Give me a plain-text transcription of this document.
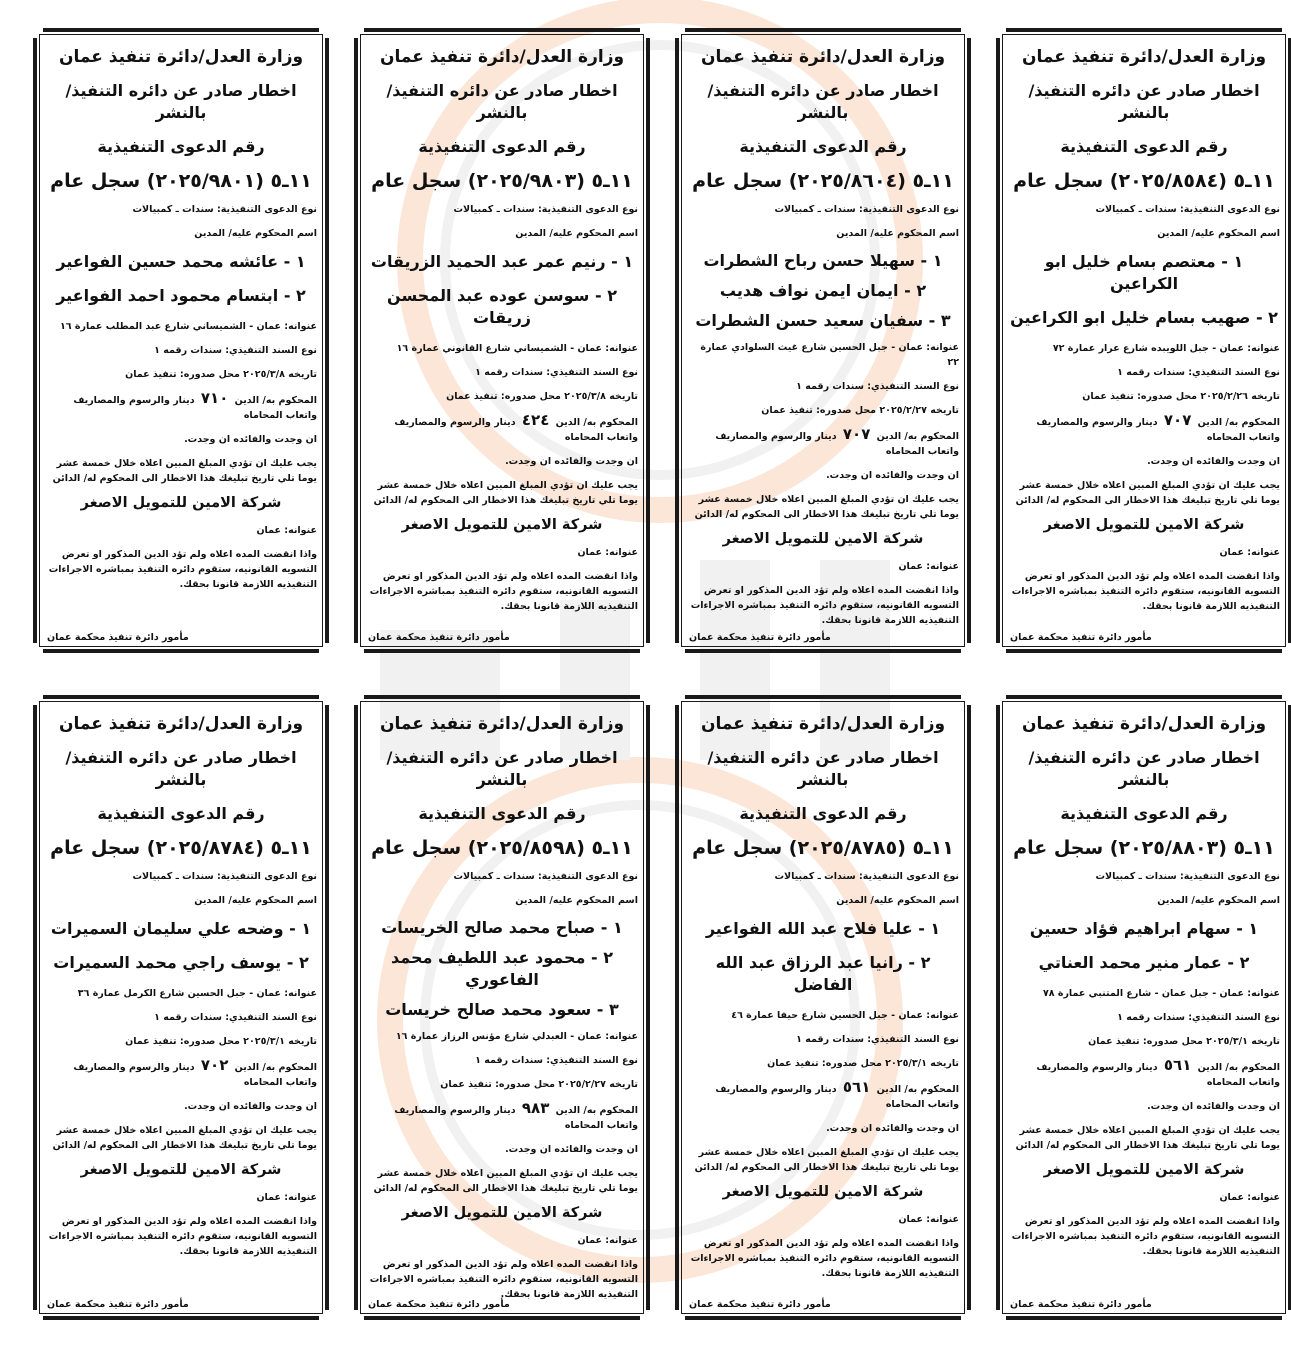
وزارة العدل/دائرة تنفيذ عمان
اخطار صادر عن دائره التنفيذ/ بالنشر
رقم الدعوى التنفيذية
١١ـ٥ (٢٠٢٥/٨٥٨٤) سجل عام
نوع الدعوى التنفيذية: سندات ـ كمبيالات
اسم المحكوم عليه/ المدين
١ - معتصم بسام خليل ابو الكراعين
٢ - صهيب بسام خليل ابو الكراعين
عنوانه: عمان - جبل اللويبده شارع عرار عمارة ٧٢
نوع السند التنفيذي: سندات رقمه ١
تاريخه ٢٠٢٥/٢/٢٦ محل صدوره: تنفيذ عمان
المحكوم به/ الدين ٧٠٧ دينار والرسوم والمصاريف واتعاب المحاماه
ان وجدت والفائده ان وجدت.
يجب عليك ان تؤدي المبلغ المبين اعلاه خلال خمسة عشر يوما تلي تاريخ تبليغك هذا الاخطار الى المحكوم له/ الدائن
شركة الامين للتمويل الاصغر
عنوانه: عمان
واذا انقضت المده اعلاه ولم تؤد الدين المذكور او تعرض التسويه القانونيه، ستقوم دائره التنفيذ بمباشره الاجراءات التنفيذيه اللازمة قانونا بحقك.
مأمور دائرة تنفيذ محكمة عمان
وزارة العدل/دائرة تنفيذ عمان
اخطار صادر عن دائره التنفيذ/ بالنشر
رقم الدعوى التنفيذية
١١ـ٥ (٢٠٢٥/٨٦٠٤) سجل عام
نوع الدعوى التنفيذية: سندات ـ كمبيالات
اسم المحكوم عليه/ المدين
١ - سهيلا حسن رباح الشطرات
٢ - ايمان ايمن نواف هديب
٣ - سفيان سعيد حسن الشطرات
عنوانه: عمان - جبل الحسين شارع غيث السلوادي عمارة ٢٢
نوع السند التنفيذي: سندات رقمه ١
تاريخه ٢٠٢٥/٢/٢٧ محل صدوره: تنفيذ عمان
المحكوم به/ الدين ٧٠٧ دينار والرسوم والمصاريف واتعاب المحاماه
ان وجدت والفائده ان وجدت.
يجب عليك ان تؤدي المبلغ المبين اعلاه خلال خمسة عشر يوما تلي تاريخ تبليغك هذا الاخطار الى المحكوم له/ الدائن
شركة الامين للتمويل الاصغر
عنوانه: عمان
واذا انقضت المده اعلاه ولم تؤد الدين المذكور او تعرض التسويه القانونيه، ستقوم دائره التنفيذ بمباشره الاجراءات التنفيذيه اللازمة قانونا بحقك.
مأمور دائرة تنفيذ محكمة عمان
وزارة العدل/دائرة تنفيذ عمان
اخطار صادر عن دائره التنفيذ/ بالنشر
رقم الدعوى التنفيذية
١١ـ٥ (٢٠٢٥/٩٨٠٣) سجل عام
نوع الدعوى التنفيذية: سندات ـ كمبيالات
اسم المحكوم عليه/ المدين
١ - رنيم عمر عبد الحميد الزريقات
٢ - سوسن عوده عبد المحسن زريقات
عنوانه: عمان - الشميساني شارع القانوني عمارة ١٦
نوع السند التنفيذي: سندات رقمه ١
تاريخه ٢٠٢٥/٣/٨ محل صدوره: تنفيذ عمان
المحكوم به/ الدين ٤٢٤ دينار والرسوم والمصاريف واتعاب المحاماه
ان وجدت والفائده ان وجدت.
يجب عليك ان تؤدي المبلغ المبين اعلاه خلال خمسة عشر يوما تلي تاريخ تبليغك هذا الاخطار الى المحكوم له/ الدائن
شركة الامين للتمويل الاصغر
عنوانه: عمان
واذا انقضت المده اعلاه ولم تؤد الدين المذكور او تعرض التسويه القانونيه، ستقوم دائره التنفيذ بمباشره الاجراءات التنفيذيه اللازمة قانونا بحقك.
مأمور دائرة تنفيذ محكمة عمان
وزارة العدل/دائرة تنفيذ عمان
اخطار صادر عن دائره التنفيذ/ بالنشر
رقم الدعوى التنفيذية
١١ـ٥ (٢٠٢٥/٩٨٠١) سجل عام
نوع الدعوى التنفيذية: سندات ـ كمبيالات
اسم المحكوم عليه/ المدين
١ - عائشه محمد حسين الفواعير
٢ - ابتسام محمود احمد الفواعير
عنوانه: عمان - الشميساني شارع عبد المطلب عمارة ١٦
نوع السند التنفيذي: سندات رقمه ١
تاريخه ٢٠٢٥/٣/٨ محل صدوره: تنفيذ عمان
المحكوم به/ الدين ٧١٠ دينار والرسوم والمصاريف واتعاب المحاماه
ان وجدت والفائده ان وجدت.
يجب عليك ان تؤدي المبلغ المبين اعلاه خلال خمسة عشر يوما تلي تاريخ تبليغك هذا الاخطار الى المحكوم له/ الدائن
شركة الامين للتمويل الاصغر
عنوانه: عمان
واذا انقضت المده اعلاه ولم تؤد الدين المذكور او تعرض التسويه القانونيه، ستقوم دائره التنفيذ بمباشره الاجراءات التنفيذيه اللازمة قانونا بحقك.
مأمور دائرة تنفيذ محكمة عمان
وزارة العدل/دائرة تنفيذ عمان
اخطار صادر عن دائره التنفيذ/ بالنشر
رقم الدعوى التنفيذية
١١ـ٥ (٢٠٢٥/٨٨٠٣) سجل عام
نوع الدعوى التنفيذية: سندات ـ كمبيالات
اسم المحكوم عليه/ المدين
١ - سهام ابراهيم فؤاد حسين
٢ - عمار منير محمد العناتي
عنوانه: عمان - جبل عمان - شارع المتنبي عمارة ٧٨
نوع السند التنفيذي: سندات رقمه ١
تاريخه ٢٠٢٥/٣/١ محل صدوره: تنفيذ عمان
المحكوم به/ الدين ٥٦١ دينار والرسوم والمصاريف واتعاب المحاماه
ان وجدت والفائده ان وجدت.
يجب عليك ان تؤدي المبلغ المبين اعلاه خلال خمسة عشر يوما تلي تاريخ تبليغك هذا الاخطار الى المحكوم له/ الدائن
شركة الامين للتمويل الاصغر
عنوانه: عمان
واذا انقضت المده اعلاه ولم تؤد الدين المذكور او تعرض التسويه القانونيه، ستقوم دائره التنفيذ بمباشره الاجراءات التنفيذيه اللازمة قانونا بحقك.
مأمور دائرة تنفيذ محكمة عمان
وزارة العدل/دائرة تنفيذ عمان
اخطار صادر عن دائره التنفيذ/ بالنشر
رقم الدعوى التنفيذية
١١ـ٥ (٢٠٢٥/٨٧٨٥) سجل عام
نوع الدعوى التنفيذية: سندات ـ كمبيالات
اسم المحكوم عليه/ المدين
١ - عليا فلاح عبد الله الفواعير
٢ - رانيا عبد الرزاق عبد الله الفاضل
عنوانه: عمان - جبل الحسين شارع حيفا عمارة ٤٦
نوع السند التنفيذي: سندات رقمه ١
تاريخه ٢٠٢٥/٣/١ محل صدوره: تنفيذ عمان
المحكوم به/ الدين ٥٦١ دينار والرسوم والمصاريف واتعاب المحاماه
ان وجدت والفائده ان وجدت.
يجب عليك ان تؤدي المبلغ المبين اعلاه خلال خمسة عشر يوما تلي تاريخ تبليغك هذا الاخطار الى المحكوم له/ الدائن
شركة الامين للتمويل الاصغر
عنوانه: عمان
واذا انقضت المده اعلاه ولم تؤد الدين المذكور او تعرض التسويه القانونيه، ستقوم دائره التنفيذ بمباشره الاجراءات التنفيذيه اللازمة قانونا بحقك.
مأمور دائرة تنفيذ محكمة عمان
وزارة العدل/دائرة تنفيذ عمان
اخطار صادر عن دائره التنفيذ/ بالنشر
رقم الدعوى التنفيذية
١١ـ٥ (٢٠٢٥/٨٥٩٨) سجل عام
نوع الدعوى التنفيذية: سندات ـ كمبيالات
اسم المحكوم عليه/ المدين
١ - صباح محمد صالح الخريسات
٢ - محمود عبد اللطيف محمد الفاعوري
٣ - سعود محمد صالح خريسات
عنوانه: عمان - العبدلي شارع مؤنس الرزاز عمارة ١٦
نوع السند التنفيذي: سندات رقمه ١
تاريخه ٢٠٢٥/٢/٢٧ محل صدوره: تنفيذ عمان
المحكوم به/ الدين ٩٨٣ دينار والرسوم والمصاريف واتعاب المحاماه
ان وجدت والفائده ان وجدت.
يجب عليك ان تؤدي المبلغ المبين اعلاه خلال خمسة عشر يوما تلي تاريخ تبليغك هذا الاخطار الى المحكوم له/ الدائن
شركة الامين للتمويل الاصغر
عنوانه: عمان
واذا انقضت المده اعلاه ولم تؤد الدين المذكور او تعرض التسويه القانونيه، ستقوم دائره التنفيذ بمباشره الاجراءات التنفيذيه اللازمة قانونا بحقك.
مأمور دائرة تنفيذ محكمة عمان
وزارة العدل/دائرة تنفيذ عمان
اخطار صادر عن دائره التنفيذ/ بالنشر
رقم الدعوى التنفيذية
١١ـ٥ (٢٠٢٥/٨٧٨٤) سجل عام
نوع الدعوى التنفيذية: سندات ـ كمبيالات
اسم المحكوم عليه/ المدين
١ - وضحه علي سليمان السميرات
٢ - يوسف راجي محمد السميرات
عنوانه: عمان - جبل الحسين شارع الكرمل عمارة ٣٦
نوع السند التنفيذي: سندات رقمه ١
تاريخه ٢٠٢٥/٣/١ محل صدوره: تنفيذ عمان
المحكوم به/ الدين ٧٠٢ دينار والرسوم والمصاريف واتعاب المحاماه
ان وجدت والفائده ان وجدت.
يجب عليك ان تؤدي المبلغ المبين اعلاه خلال خمسة عشر يوما تلي تاريخ تبليغك هذا الاخطار الى المحكوم له/ الدائن
شركة الامين للتمويل الاصغر
عنوانه: عمان
واذا انقضت المده اعلاه ولم تؤد الدين المذكور او تعرض التسويه القانونيه، ستقوم دائره التنفيذ بمباشره الاجراءات التنفيذيه اللازمة قانونا بحقك.
مأمور دائرة تنفيذ محكمة عمان
